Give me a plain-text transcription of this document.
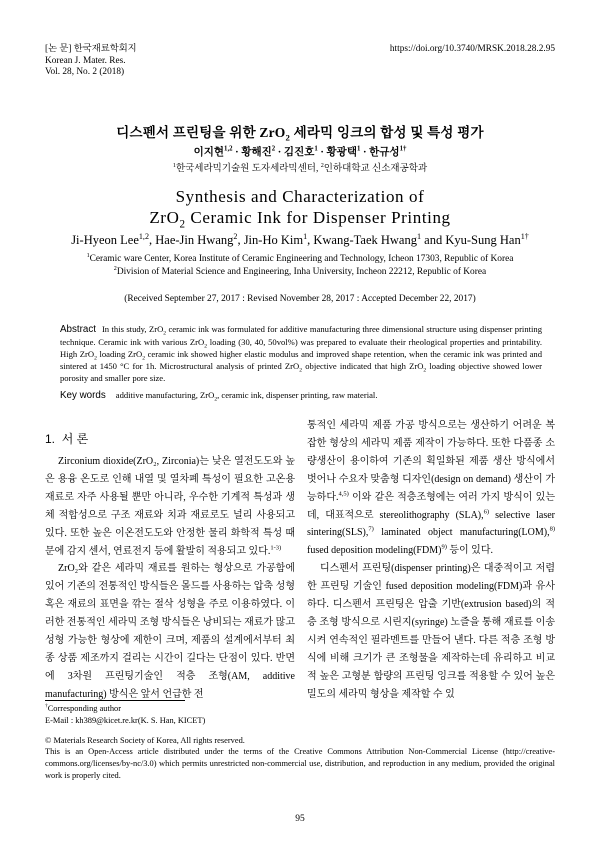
[논 문] 한국재료학회지
Korean J. Mater. Res.
Vol. 28, No. 2 (2018)
https://doi.org/10.3740/MRSK.2018.28.2.95
디스펜서 프린팅을 위한 ZrO$_2$ 세라믹 잉크의 합성 및 특성 평가
이지현$^{1,2}$ · 황해진$^2$ · 김진호$^1$ · 황광택$^1$ · 한규성$^{1\dagger}$
$^1$한국세라믹기술원 도자세라믹센터, $^2$인하대학교 신소재공학과
Synthesis and Characterization of
ZrO$_2$ Ceramic Ink for Dispenser Printing
Ji-Hyeon Lee$^{1,2}$, Hae-Jin Hwang$^2$, Jin-Ho Kim$^1$, Kwang-Taek Hwang$^1$ and Kyu-Sung Han$^{1\dagger}$
$^1$Ceramic ware Center, Korea Institute of Ceramic Engineering and Technology, Icheon 17303, Republic of Korea
$^2$Division of Material Science and Engineering, Inha University, Incheon 22212, Republic of Korea
(Received September 27, 2017 : Revised November 28, 2017 : Accepted December 22, 2017)
Abstract In this study, ZrO$_2$ ceramic ink was formulated for additive manufacturing three dimensional structure using dispenser printing technique. Ceramic ink with various ZrO$_2$ loading (30, 40, 50vol%) was prepared to evaluate their rheological properties and printability. High ZrO$_2$ loading ZrO$_2$ ceramic ink showed higher elastic modulus and improved shape retention, when the ceramic ink was printed and sintered at 1450 °C for 1h. Microstructural analysis of printed ZrO$_2$ objective indicated that high ZrO$_2$ loading objective showed lower porosity and smaller pore size.
Key words additive manufacturing, ZrO$_2$, ceramic ink, dispenser printing, raw material.
1. 서 론

Zirconium dioxide(ZrO₂, Zirconia)는 낮은 열전도도와 높은 용융 온도로 인해 내열 및 열차폐 특성이 필요한 고온용 재료로 자주 사용될 뿐만 아니라, 우수한 기계적 특성과 생체 적합성으로 구조 재료와 치과 재료로도 널리 사용되고 있다. 또한 높은 이온전도도와 안정한 물리 화학적 특성 때문에 감지 센서, 연료전지 등에 활발히 적용되고 있다.$^{1-3)}$

ZrO₂와 같은 세라믹 재료를 원하는 형상으로 가공함에 있어 기존의 전통적인 방식들은 몰드를 사용하는 압축 성형 혹은 재료의 표면을 깎는 절삭 성형을 주로 이용하였다. 이러한 전통적인 세라믹 조형 방식들은 낭비되는 재료가 많고 성형 가능한 형상에 제한이 크며, 제품의 설계에서부터 최종 상품 제조까지 걸리는 시간이 길다는 단점이 있다. 반면에 3차원 프린팅기술인 적층 조형(AM, additive manufacturing) 방식은 앞서 언급한 전

통적인 세라믹 제품 가공 방식으로는 생산하기 어려운 복잡한 형상의 세라믹 제품 제작이 가능하다. 또한 다품종 소량생산이 용이하여 기존의 획일화된 제품 생산 방식에서 벗어나 수요자 맞춤형 디자인(design on demand) 생산이 가능하다.$^{4,5)}$ 이와 같은 적층조형에는 여러 가지 방식이 있는데, 대표적으로 stereolithography (SLA),$^{6)}$ selective laser sintering(SLS),$^{7)}$ laminated object manufacturing(LOM),$^{8)}$ fused deposition modeling(FDM)$^{9)}$ 등이 있다.

디스펜서 프린팅(dispenser printing)은 대중적이고 저렴한 프린팅 기술인 fused deposition modeling(FDM)과 유사하다. 디스펜서 프린팅은 압출 기반(extrusion based)의 적층 조형 방식으로 시린지(syringe) 노즐을 통해 재료를 이송시켜 연속적인 필라멘트를 만들어 낸다. 다른 적층 조형 방식에 비해 크기가 큰 조형물을 제작하는데 유리하고 비교적 높은 고형분 함량의 프린팅 잉크를 적용할 수 있어 높은 밀도의 세라믹 형상을 제작할 수 있

†Corresponding author
E-Mail : kh389@kicet.re.kr(K. S. Han, KICET)
© Materials Research Society of Korea, All rights reserved.
This is an Open-Access article distributed under the terms of the Creative Commons Attribution Non-Commercial License (http://creative-commons.org/licenses/by-nc/3.0) which permits unrestricted non-commercial use, distribution, and reproduction in any medium, provided the original work is properly cited.
95
